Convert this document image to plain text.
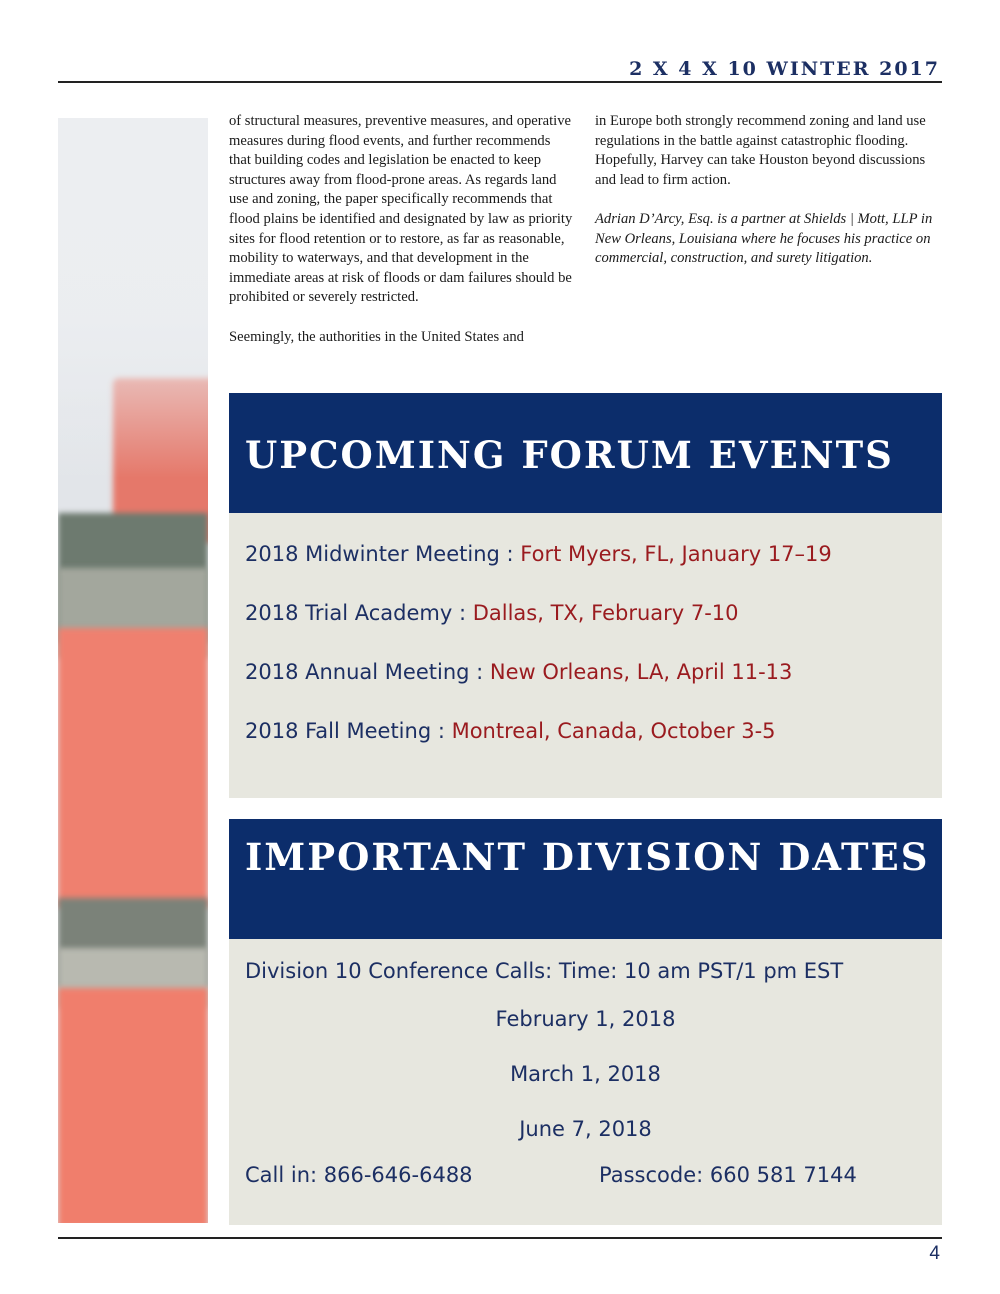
2 X 4 X 10 WINTER 2017

of structural measures, preventive measures, and operative measures during flood events, and further recommends that building codes and legislation be enacted to keep structures away from flood-prone areas. As regards land use and zoning, the paper specifically recommends that flood plains be identified and designated by law as priority sites for flood retention or to restore, as far as reasonable, mobility to waterways, and that development in the immediate areas at risk of floods or dam failures should be prohibited or severely restricted.

Seemingly, the authorities in the United States and

in Europe both strongly recommend zoning and land use regulations in the battle against catastrophic flooding. Hopefully, Harvey can take Houston beyond discussions and lead to firm action.

Adrian D’Arcy, Esq. is a partner at Shields | Mott, LLP in New Orleans, Louisiana where he focuses his practice on commercial, construction, and surety litigation.

UPCOMING FORUM EVENTS
2018 Midwinter Meeting : Fort Myers, FL, January 17–19
2018 Trial Academy : Dallas, TX, February 7-10
2018 Annual Meeting : New Orleans, LA, April 11-13
2018 Fall Meeting : Montreal, Canada, October 3-5
IMPORTANT DIVISION DATES
Division 10 Conference Calls: Time: 10 am PST/1 pm EST
February 1, 2018
March 1, 2018
June 7, 2018
Call in: 866-646-6488	Passcode: 660 581 7144
4
